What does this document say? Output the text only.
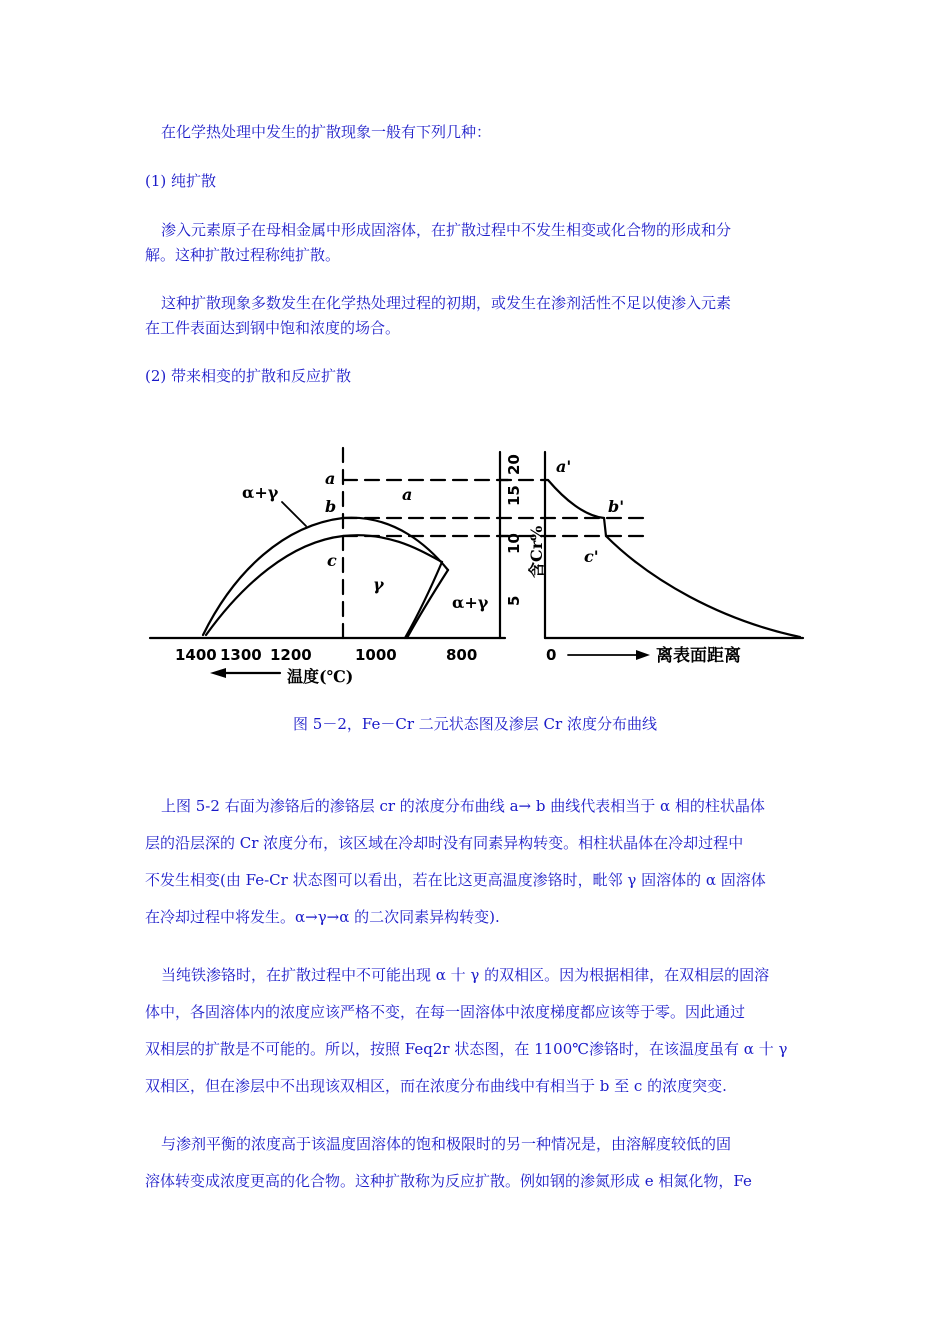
在化学热处理中发生的扩散现象一般有下列几种：

(1) 纯扩散

渗入元素原子在母相金属中形成固溶体，在扩散过程中不发生相变或化合物的形成和分
解。这种扩散过程称纯扩散。

这种扩散现象多数发生在化学热处理过程的初期，或发生在渗剂活性不足以使渗入元素
在工件表面达到钢中饱和浓度的场合。

(2) 带来相变的扩散和反应扩散

α+γ
a
b
c
a
γ
α+γ
1400 1300 1200	1000	800
温度(℃)
20
15
10
5
含Cr%
a'
b'
c'
0	离表面距离
图 5－2，Fe－Cr 二元状态图及渗层 Cr 浓度分布曲线

上图 5-2 右面为渗铬后的渗铬层 cr 的浓度分布曲线 a→ b 曲线代表相当于 α 相的柱状晶体
层的沿层深的 Cr 浓度分布，该区域在冷却时没有同素异构转变。相柱状晶体在冷却过程中
不发生相变(由 Fe-Cr 状态图可以看出，若在比这更高温度渗铬时，毗邻 γ 固溶体的 α 固溶体
在冷却过程中将发生。α→γ→α 的二次同素异构转变).

当纯铁渗铬时，在扩散过程中不可能出现 α 十 γ 的双相区。因为根据相律，在双相层的固溶
体中，各固溶体内的浓度应该严格不变，在每一固溶体中浓度梯度都应该等于零。因此通过
双相层的扩散是不可能的。所以，按照 Feq2r 状态图，在 1100℃渗铬时，在该温度虽有 α 十 γ
双相区，但在渗层中不出现该双相区，而在浓度分布曲线中有相当于 b 至 c 的浓度突变.

与渗剂平衡的浓度高于该温度固溶体的饱和极限时的另一种情况是，由溶解度较低的固
溶体转变成浓度更高的化合物。这种扩散称为反应扩散。例如钢的渗氮形成 e 相氮化物，Fe
